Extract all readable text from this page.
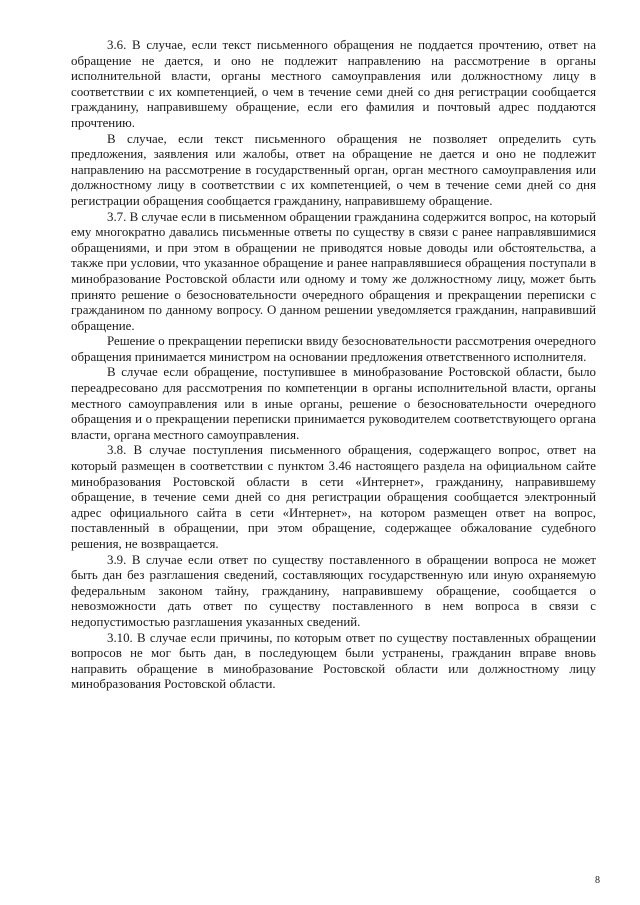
3.6. В случае, если текст письменного обращения не поддается прочтению, ответ на обращение не дается, и оно не подлежит направлению на рассмотрение в органы исполнительной власти, органы местного самоуправления или должностному лицу в соответствии с их компетенцией, о чем в течение семи дней со дня регистрации сообщается гражданину, направившему обращение, если его фамилия и почтовый адрес поддаются прочтению.

В случае, если текст письменного обращения не позволяет определить суть предложения, заявления или жалобы, ответ на обращение не дается и оно не подлежит направлению на рассмотрение в государственный орган, орган местного самоуправления или должностному лицу в соответствии с их компетенцией, о чем в течение семи дней со дня регистрации обращения сообщается гражданину, направившему обращение.

3.7. В случае если в письменном обращении гражданина содержится вопрос, на который ему многократно давались письменные ответы по существу в связи с ранее направлявшимися обращениями, и при этом в обращении не приводятся новые доводы или обстоятельства, а также при условии, что указанное обращение и ранее направлявшиеся обращения поступали в минобразование Ростовской области или одному и тому же должностному лицу, может быть принято решение о безосновательности очередного обращения и прекращении переписки с гражданином по данному вопросу. О данном решении уведомляется гражданин, направивший обращение.

Решение о прекращении переписки ввиду безосновательности рассмотрения очередного обращения принимается министром на основании предложения ответственного исполнителя.

В случае если обращение, поступившее в минобразование Ростовской области, было переадресовано для рассмотрения по компетенции в органы исполнительной власти, органы местного самоуправления или в иные органы, решение о безосновательности очередного обращения и о прекращении переписки принимается руководителем соответствующего органа власти, органа местного самоуправления.

3.8. В случае поступления письменного обращения, содержащего вопрос, ответ на который размещен в соответствии с пунктом 3.46 настоящего раздела на официальном сайте минобразования Ростовской области в сети «Интернет», гражданину, направившему обращение, в течение семи дней со дня регистрации обращения сообщается электронный адрес официального сайта в сети «Интернет», на котором размещен ответ на вопрос, поставленный в обращении, при этом обращение, содержащее обжалование судебного решения, не возвращается.

3.9. В случае если ответ по существу поставленного в обращении вопроса не может быть дан без разглашения сведений, составляющих государственную или иную охраняемую федеральным законом тайну, гражданину, направившему обращение, сообщается о невозможности дать ответ по существу поставленного в нем вопроса в связи с недопустимостью разглашения указанных сведений.

3.10. В случае если причины, по которым ответ по существу поставленных обращении вопросов не мог быть дан, в последующем были устранены, гражданин вправе вновь направить обращение в минобразование Ростовской области или должностному лицу минобразования Ростовской области.

8
